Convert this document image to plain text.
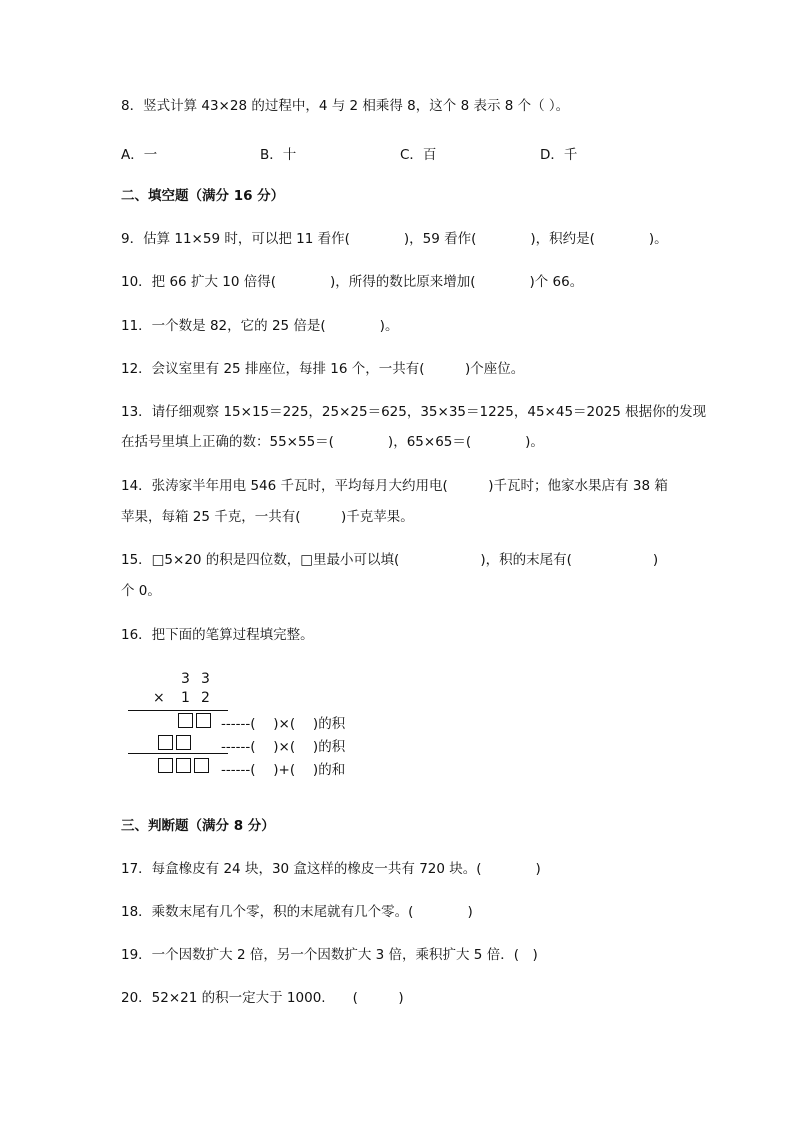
8．竖式计算 43×28 的过程中，4 与 2 相乘得 8，这个 8 表示 8 个（ ）。
A．一	B．十	C．百	D．千
二、填空题（满分 16 分）
9．估算 11×59 时，可以把 11 看作(　　　　)，59 看作(　　　　)，积约是(　　　　)。
10．把 66 扩大 10 倍得(　　　　)，所得的数比原来增加(　　　　)个 66。
11．一个数是 82，它的 25 倍是(　　　　)。
12．会议室里有 25 排座位，每排 16 个，一共有(　　　)个座位。
13．请仔细观察 15×15＝225，25×25＝625，35×35＝1225，45×45＝2025 根据你的发现
在括号里填上正确的数：55×55＝(　　　　)，65×65＝(　　　　)。
14．张涛家半年用电 546 千瓦时，平均每月大约用电(　　　)千瓦时；他家水果店有 38 箱
苹果，每箱 25 千克，一共有(　　　)千克苹果。
15．□5×20 的积是四位数，□里最小可以填(　　　　　　)，积的末尾有(　　　　　　)
个 0。
16．把下面的笔算过程填完整。
3 3
× 1 2
------(　 )×(　 )的积
------(　 )×(　 )的积
------(　 )+(　 )的和
三、判断题（满分 8 分）
17．每盒橡皮有 24 块，30 盒这样的橡皮一共有 720 块。(　　　　)
18．乘数末尾有几个零，积的末尾就有几个零。(　　　　)
19．一个因数扩大 2 倍，另一个因数扩大 3 倍，乘积扩大 5 倍．(　)
20．52×21 的积一定大于 1000.　　(　　　)
